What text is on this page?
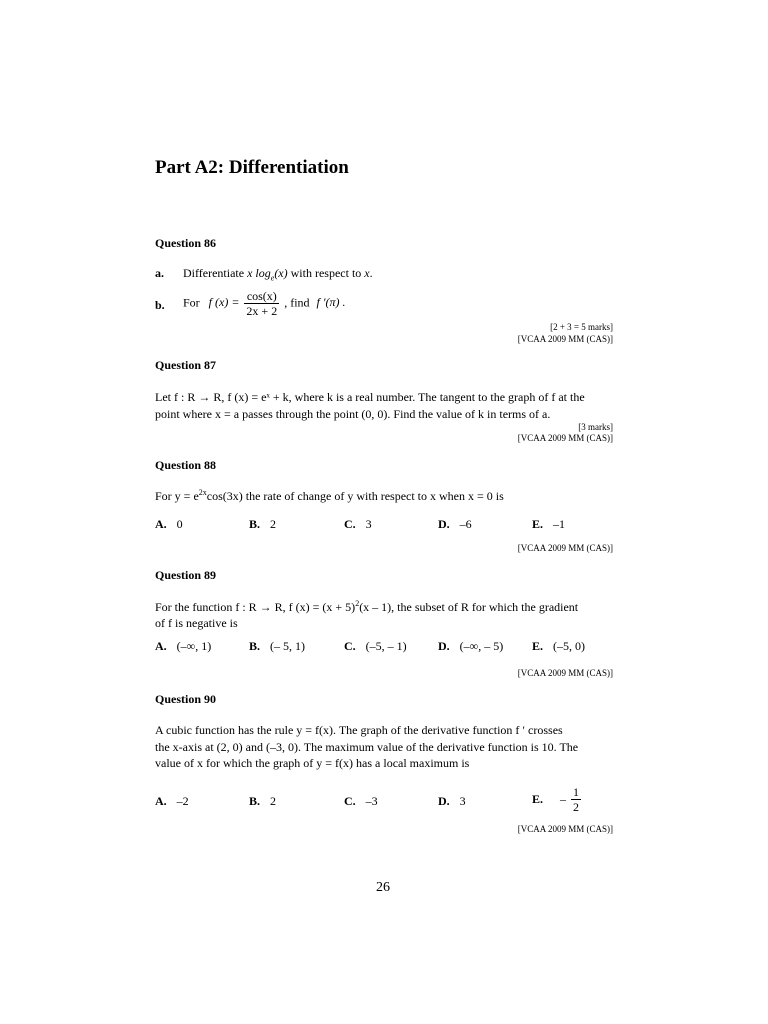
Part A2: Differentiation
Question 86
a. Differentiate x $\log_e(x)$ with respect to x.
b. For f $(x) = \frac{\cos(x)}{2x + 2}$ , find f ′(π) .
[2 + 3 = 5 marks]
[VCAA 2009 MM (CAS)]
Question 87
Let f : R → R, f (x) = eˣ + k, where k is a real number. The tangent to the graph of f at the
point where x = a passes through the point (0, 0). Find the value of k in terms of a.
[3 marks]
[VCAA 2009 MM (CAS)]
Question 88
For $y = e^{2x}\cos(3x)$ the rate of change of y with respect to x when x = 0 is
A. 0	B. 2	C. 3	D. –6	E. –1
[VCAA 2009 MM (CAS)]
Question 89
For the function f : R → R, f $(x) = (x + 5)^2(x - 1)$, the subset of R for which the gradient
of f is negative is
A. (–∞, 1)	B. (– 5, 1)	C. (–5, – 1)	D. (–∞, – 5) E. (–5, 0)
[VCAA 2009 MM (CAS)]
Question 90
A cubic function has the rule y = f(x). The graph of the derivative function f ′ crosses
the x-axis at (2, 0) and (–3, 0). The maximum value of the derivative function is 10. The
value of x for which the graph of y = f(x) has a local maximum is
A. –2	B. 2	C. –3	D. 3	E. – $\frac{1}{2}$
[VCAA 2009 MM (CAS)]
26
